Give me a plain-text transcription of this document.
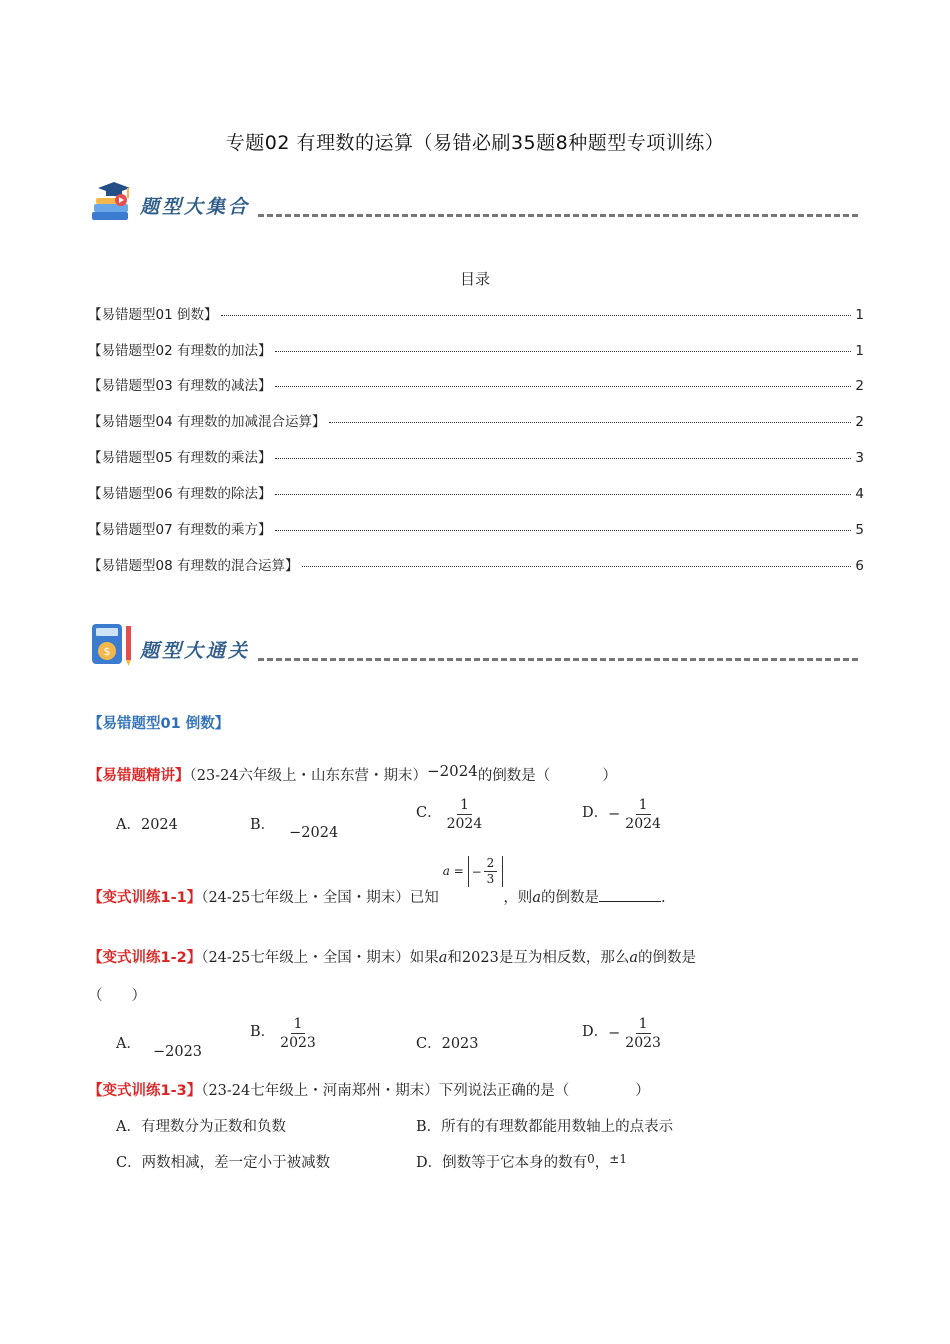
专题02 有理数的运算（易错必刷35题8种题型专项训练）
题型大集合
目录
【易错题型01 倒数】	1
【易错题型02 有理数的加法】	1
【易错题型03 有理数的减法】	2
【易错题型04 有理数的加减混合运算】	2
【易错题型05 有理数的乘法】	3
【易错题型06 有理数的除法】	4
【易错题型07 有理数的乘方】	5
【易错题型08 有理数的混合运算】	6
$ 题型大通关
【易错题型01 倒数】
【易错题精讲】（23-24六年级上・山东东营・期末）−2024的倒数是（	）
A．2024	B． −2024
C． $\frac{1}{2024}$	D．− $\frac{1}{2024}$
【变式训练1-1】（24-25七年级上・全国・期末）已知a = − $\frac{2}{3}$
，则a的倒数是	.
【变式训练1-2】（24-25七年级上・全国・期末）如果a和2023是互为相反数，那么a的倒数是
（　　）
A． −2023
B． $\frac{1}{2023}$	C．2023
D．− $\frac{1}{2023}$
【变式训练1-3】（23-24七年级上・河南郑州・期末）下列说法正确的是（	）
A．有理数分为正数和负数	B．所有的有理数都能用数轴上的点表示
C．两数相减，差一定小于被减数	D．倒数等于它本身的数有$^0$，$^{\pm 1}$
